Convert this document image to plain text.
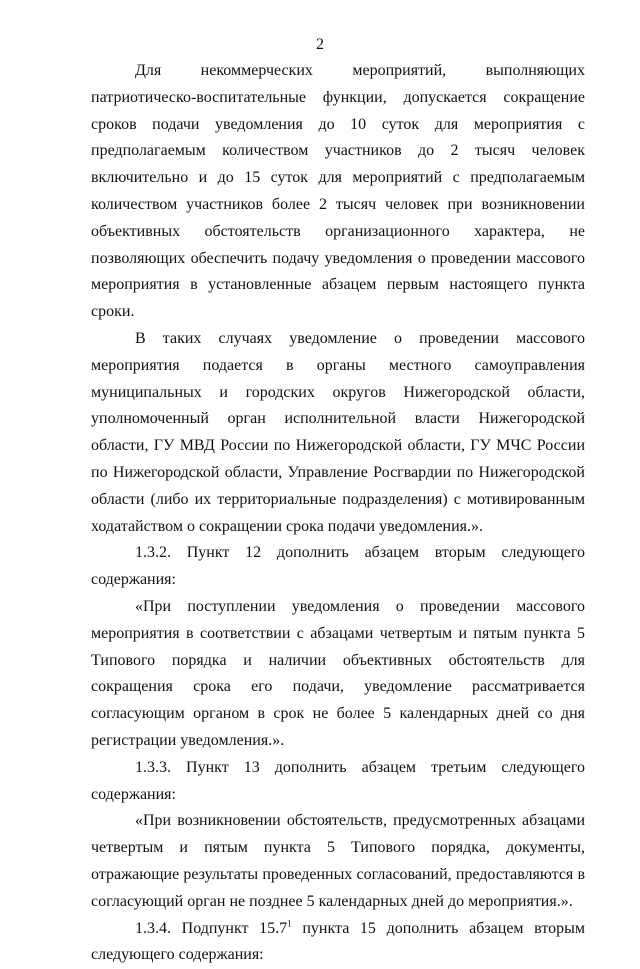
2

Для некоммерческих мероприятий, выполняющих патриотическо-воспитательные функции, допускается сокращение сроков подачи уведомления до 10 суток для мероприятия с предполагаемым количеством участников до 2 тысяч человек включительно и до 15 суток для мероприятий с предполагаемым количеством участников более 2 тысяч человек при возникновении объективных обстоятельств организационного характера, не позволяющих обеспечить подачу уведомления о проведении массового мероприятия в установленные абзацем первым настоящего пункта сроки.

В таких случаях уведомление о проведении массового мероприятия подается в органы местного самоуправления муниципальных и городских округов Нижегородской области, уполномоченный орган исполнительной власти Нижегородской области, ГУ МВД России по Нижегородской области, ГУ МЧС России по Нижегородской области, Управление Росгвардии по Нижегородской области (либо их территориальные подразделения) с мотивированным ходатайством о сокращении срока подачи уведомления.».

1.3.2. Пункт 12 дополнить абзацем вторым следующего содержания:

«При поступлении уведомления о проведении массового мероприятия в соответствии с абзацами четвертым и пятым пункта 5 Типового порядка и наличии объективных обстоятельств для сокращения срока его подачи, уведомление рассматривается согласующим органом в срок не более 5 календарных дней со дня регистрации уведомления.».

1.3.3. Пункт 13 дополнить абзацем третьим следующего содержания:

«При возникновении обстоятельств, предусмотренных абзацами четвертым и пятым пункта 5 Типового порядка, документы, отражающие результаты проведенных согласований, предоставляются в согласующий орган не позднее 5 календарных дней до мероприятия.».

1.3.4. Подпункт 15.7$^1$ пункта 15 дополнить абзацем вторым следующего содержания:
